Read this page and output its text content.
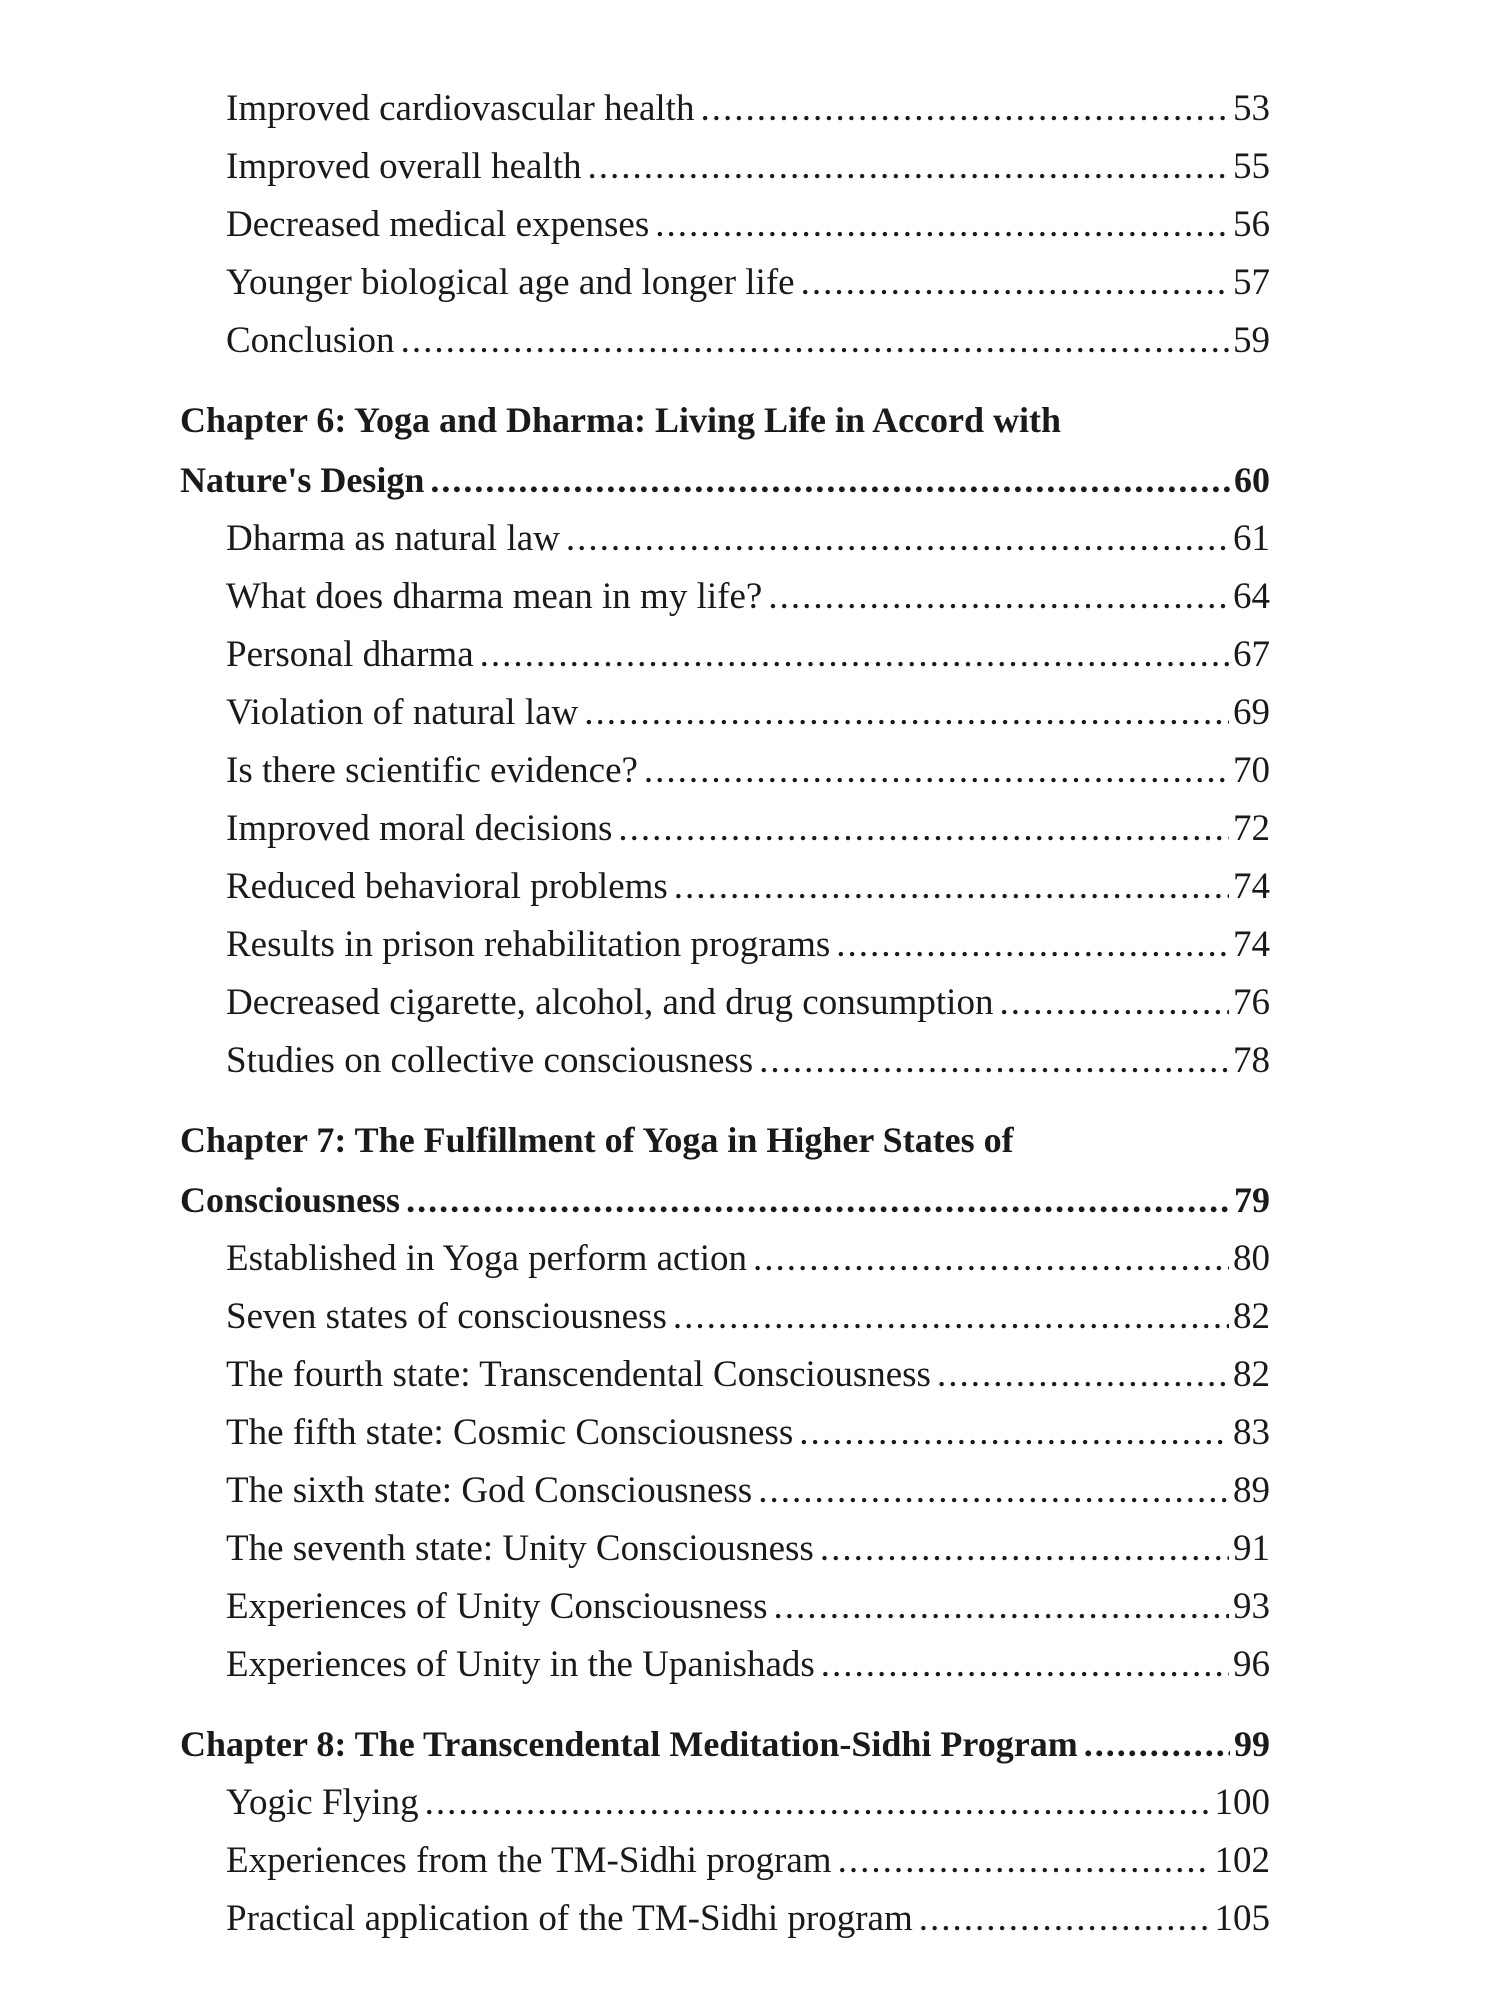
Improved cardiovascular health .....	53
Improved overall health .....	55
Decreased medical expenses .....	56
Younger biological age and longer life .....	57
Conclusion .....	59
Chapter 6: Yoga and Dharma: Living Life in Accord with
Nature's Design .....	60
Dharma as natural law .....	61
What does dharma mean in my life? .....	64
Personal dharma .....	67
Violation of natural law .....	69
Is there scientific evidence? .....	70
Improved moral decisions .....	72
Reduced behavioral problems .....	74
Results in prison rehabilitation programs .....	74
Decreased cigarette, alcohol, and drug consumption .....	76
Studies on collective consciousness .....	78
Chapter 7: The Fulfillment of Yoga in Higher States of
Consciousness .....	79
Established in Yoga perform action .....	80
Seven states of consciousness .....	82
The fourth state: Transcendental Consciousness .....	82
The fifth state: Cosmic Consciousness .....	83
The sixth state: God Consciousness .....	89
The seventh state: Unity Consciousness .....	91
Experiences of Unity Consciousness .....	93
Experiences of Unity in the Upanishads .....	96
Chapter 8: The Transcendental Meditation-Sidhi Program .....	99
Yogic Flying .....	100
Experiences from the TM-Sidhi program .....	102
Practical application of the TM-Sidhi program .....	105
